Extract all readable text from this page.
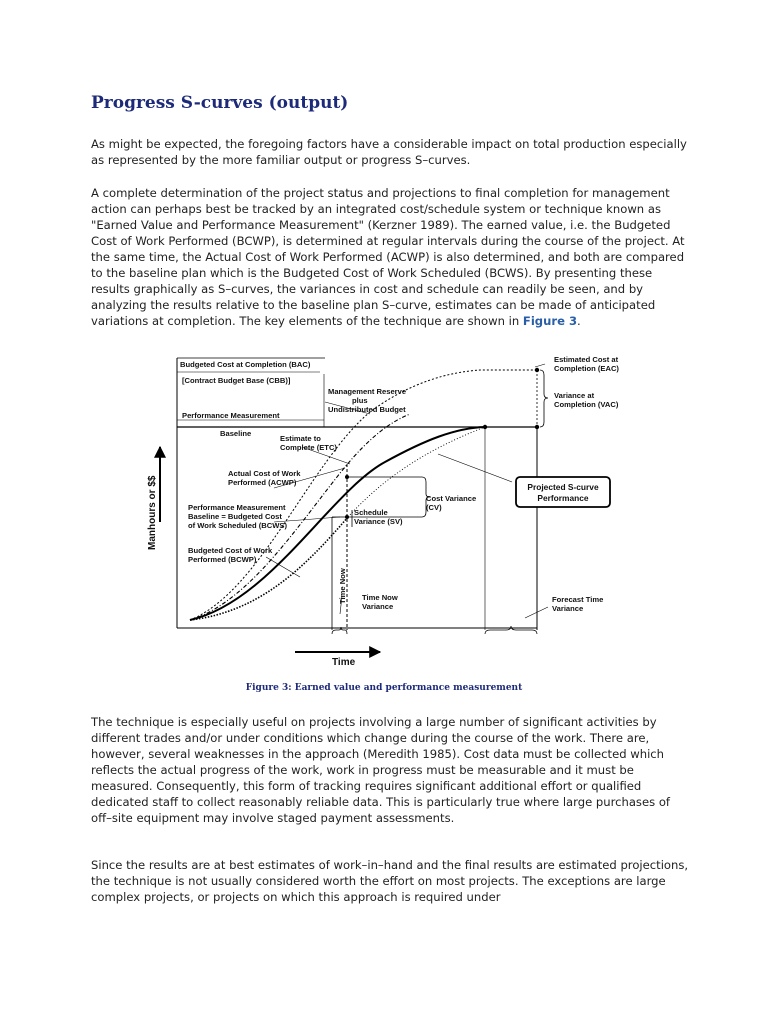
Progress S-curves (output)

As might be expected, the foregoing factors have a considerable impact on total production especially as represented by the more familiar output or progress S–curves.

A complete determination of the project status and projections to final completion for management action can perhaps best be tracked by an integrated cost/schedule system or technique known as "Earned Value and Performance Measurement" (Kerzner 1989). The earned value, i.e. the Budgeted Cost of Work Performed (BCWP), is determined at regular intervals during the course of the project. At the same time, the Actual Cost of Work Performed (ACWP) is also determined, and both are compared to the baseline plan which is the Budgeted Cost of Work Scheduled (BCWS). By presenting these results graphically as S–curves, the variances in cost and schedule can readily be seen, and by analyzing the results relative to the baseline plan S–curve, estimates can be made of anticipated variations at completion. The key elements of the technique are shown in Figure 3.

Budgeted Cost at Completion (BAC)
[Contract Budget Base (CBB)]
Management Reserve
plus
Undistributed Budget
Performance Measurement
Baseline
Estimate to
Complete (ETC)
Actual Cost of Work
Performed (ACWP)
Performance Measurement
Baseline = Budgeted Cost
of Work Scheduled (BCWS)
Budgeted Cost of Work
Performed (BCWP)
Cost Variance
(CV)
Schedule
Variance (SV)
Estimated Cost at
Completion (EAC)
Variance at
Completion (VAC)
Projected S-curve
Performance
Time Now Time Now
Variance
Forecast Time
Variance
Manhours or $$
Time
Figure 3: Earned value and performance measurement

The technique is especially useful on projects involving a large number of significant activities by different trades and/or under conditions which change during the course of the work. There are, however, several weaknesses in the approach (Meredith 1985). Cost data must be collected which reflects the actual progress of the work, work in progress must be measurable and it must be measured. Consequently, this form of tracking requires significant additional effort or qualified dedicated staff to collect reasonably reliable data. This is particularly true where large purchases of off–site equipment may involve staged payment assessments.

Since the results are at best estimates of work–in–hand and the final results are estimated projections, the technique is not usually considered worth the effort on most projects. The exceptions are large complex projects, or projects on which this approach is required under
